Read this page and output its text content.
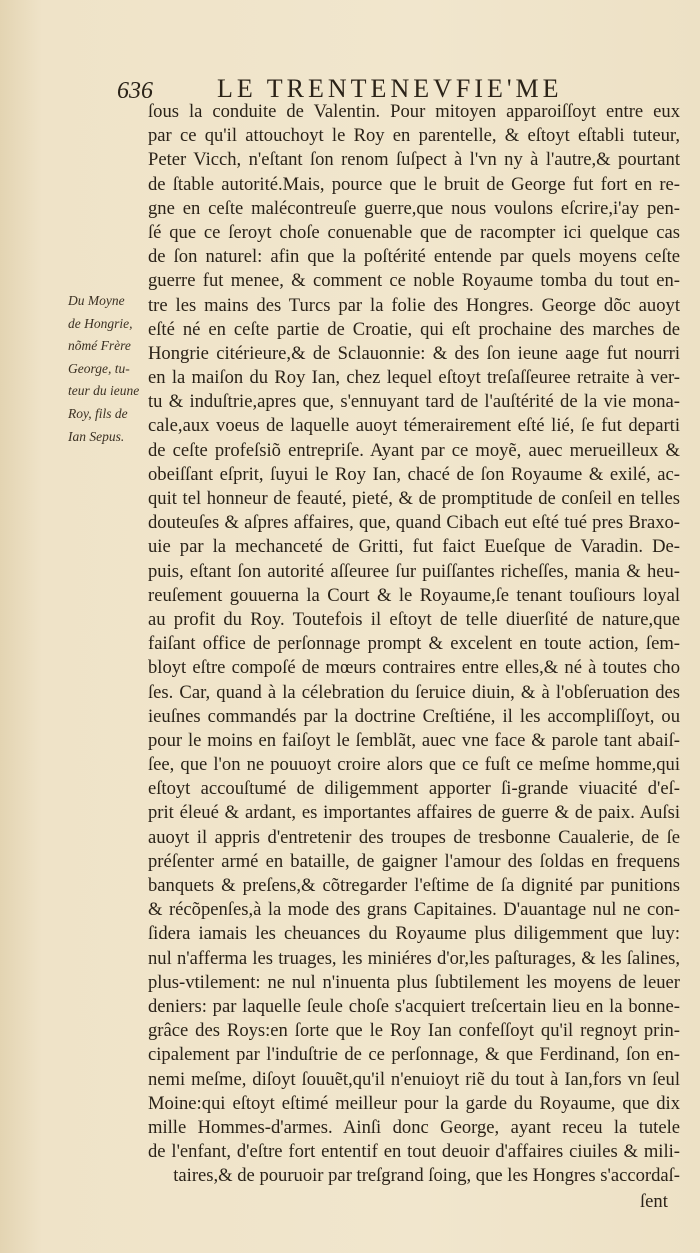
636 LE TRENTENEVFIE'ME
Du Moyne
de Hongrie,
nõmé Frère
George, tu-
teur du ieune
Roy, fils de
Ian Sepus.
ſous la conduite de Valentin. Pour mitoyen apparoiſſoyt entre eux
par ce qu'il attouchoyt le Roy en parentelle, & eſtoyt eſtabli tuteur,
Peter Vicch, n'eſtant ſon renom ſuſpect à l'vn ny à l'autre,& pourtant
de ſtable autorité.Mais, pource que le bruit de George fut fort en re-
gne en ceſte malécontreuſe guerre,que nous voulons eſcrire,i'ay pen-
ſé que ce ſeroyt choſe conuenable que de racompter ici quelque cas
de ſon naturel: afin que la poſtérité entende par quels moyens ceſte
guerre fut menee, & comment ce noble Royaume tomba du tout en-
tre les mains des Turcs par la folie des Hongres. George dõc auoyt
eſté né en ceſte partie de Croatie, qui eſt prochaine des marches de
Hongrie citérieure,& de Sclauonnie: & des ſon ieune aage fut nourri
en la maiſon du Roy Ian, chez lequel eſtoyt treſaſſeuree retraite à ver-
tu & induſtrie,apres que, s'ennuyant tard de l'auſtérité de la vie mona-
cale,aux voeus de laquelle auoyt témerairement eſté lié, ſe fut departi
de ceſte profeſsiõ entrepriſe. Ayant par ce moyẽ, auec merueilleux &
obeiſſant eſprit, ſuyui le Roy Ian, chacé de ſon Royaume & exilé, ac-
quit tel honneur de feauté, pieté, & de promptitude de conſeil en telles
douteuſes & aſpres affaires, que, quand Cibach eut eſté tué pres Braxo-
uie par la mechanceté de Gritti, fut faict Eueſque de Varadin. De-
puis, eſtant ſon autorité aſſeuree ſur puiſſantes richeſſes, mania & heu-
reuſement gouuerna la Court & le Royaume,ſe tenant touſiours loyal
au profit du Roy. Toutefois il eſtoyt de telle diuerſité de nature,que
faiſant office de perſonnage prompt & excelent en toute action, ſem-
bloyt eſtre compoſé de mœurs contraires entre elles,& né à toutes cho
ſes. Car, quand à la célebration du ſeruice diuin, & à l'obſeruation des
ieuſnes commandés par la doctrine Creſtiéne, il les accompliſſoyt, ou
pour le moins en faiſoyt le ſemblãt, auec vne face & parole tant abaiſ-
ſee, que l'on ne pouuoyt croire alors que ce fuſt ce meſme homme,qui
eſtoyt accouſtumé de diligemment apporter ſi-grande viuacité d'eſ-
prit éleué & ardant, es importantes affaires de guerre & de paix. Auſsi
auoyt il appris d'entretenir des troupes de tresbonne Caualerie, de ſe
préſenter armé en bataille, de gaigner l'amour des ſoldas en frequens
banquets & preſens,& cõtregarder l'eſtime de ſa dignité par punitions
& récõpenſes,à la mode des grans Capitaines. D'auantage nul ne con-
ſidera iamais les cheuances du Royaume plus diligemment que luy:
nul n'afferma les truages, les miniéres d'or,les paſturages, & les ſalines,
plus-vtilement: ne nul n'inuenta plus ſubtilement les moyens de leuer
deniers: par laquelle ſeule choſe s'acquiert treſcertain lieu en la bonne-
grâce des Roys:en ſorte que le Roy Ian confeſſoyt qu'il regnoyt prin-
cipalement par l'induſtrie de ce perſonnage, & que Ferdinand, ſon en-
nemi meſme, diſoyt ſouuẽt,qu'il n'enuioyt riẽ du tout à Ian,fors vn ſeul
Moine:qui eſtoyt eſtimé meilleur pour la garde du Royaume, que dix
mille Hommes-d'armes. Ainſi donc George, ayant receu la tutele
de l'enfant, d'eſtre fort ententif en tout deuoir d'affaires ciuiles & mili-
taires,& de pouruoir par treſgrand ſoing, que les Hongres s'accordaſ-
ſent
